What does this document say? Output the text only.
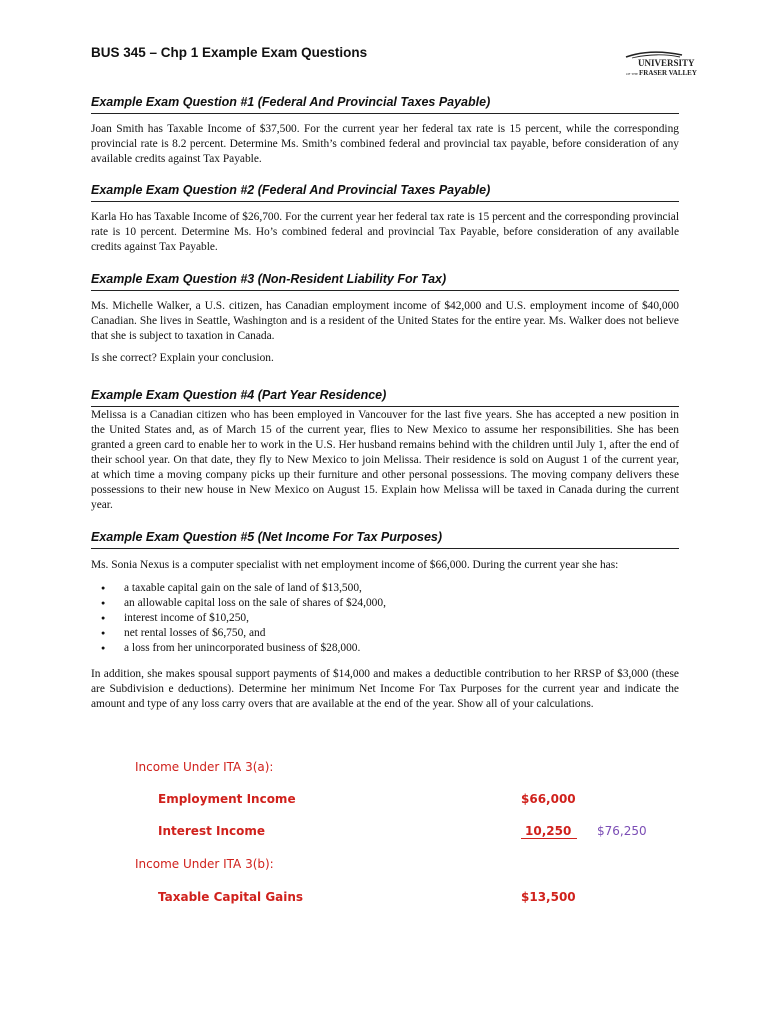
BUS 345 – Chp 1 Example Exam Questions
UNIVERSITY
OF THE FRASER VALLEY
Example Exam Question #1 (Federal And Provincial Taxes Payable)

Joan Smith has Taxable Income of $37,500. For the current year her federal tax rate is 15 percent, while the corresponding provincial rate is 8.2 percent. Determine Ms. Smith’s combined federal and provincial tax payable, before consideration of any available credits against Tax Payable.

Example Exam Question #2 (Federal And Provincial Taxes Payable)

Karla Ho has Taxable Income of $26,700. For the current year her federal tax rate is 15 percent and the corresponding provincial rate is 10 percent. Determine Ms. Ho’s combined federal and provincial Tax Payable, before consideration of any available credits against Tax Payable.

Example Exam Question #3 (Non-Resident Liability For Tax)

Ms. Michelle Walker, a U.S. citizen, has Canadian employment income of $42,000 and U.S. employment income of $40,000 Canadian. She lives in Seattle, Washington and is a resident of the United States for the entire year. Ms. Walker does not believe that she is subject to taxation in Canada.

Is she correct? Explain your conclusion.

Example Exam Question #4 (Part Year Residence)

Melissa is a Canadian citizen who has been employed in Vancouver for the last five years. She has accepted a new position in the United States and, as of March 15 of the current year, flies to New Mexico to assume her responsibilities. She has been granted a green card to enable her to work in the U.S. Her husband remains behind with the children until July 1, after the end of their school year. On that date, they fly to New Mexico to join Melissa. Their residence is sold on August 1 of the current year, at which time a moving company picks up their furniture and other personal possessions. The moving company delivers these possessions to their new house in New Mexico on August 15. Explain how Melissa will be taxed in Canada during the current year.

Example Exam Question #5 (Net Income For Tax Purposes)

Ms. Sonia Nexus is a computer specialist with net employment income of $66,000. During the current year she has:

● a taxable capital gain on the sale of land of $13,500,
● an allowable capital loss on the sale of shares of $24,000,
● interest income of $10,250,
● net rental losses of $6,750, and
● a loss from her unincorporated business of $28,000.

In addition, she makes spousal support payments of $14,000 and makes a deductible contribution to her RRSP of $3,000 (these are Subdivision e deductions). Determine her minimum Net Income For Tax Purposes for the current year and indicate the amount and type of any loss carry overs that are available at the end of the year. Show all of your calculations.

Income Under ITA 3(a):
Employment Income	$66,000
Interest Income	10,250	$76,250
Income Under ITA 3(b):
Taxable Capital Gains	$13,500
